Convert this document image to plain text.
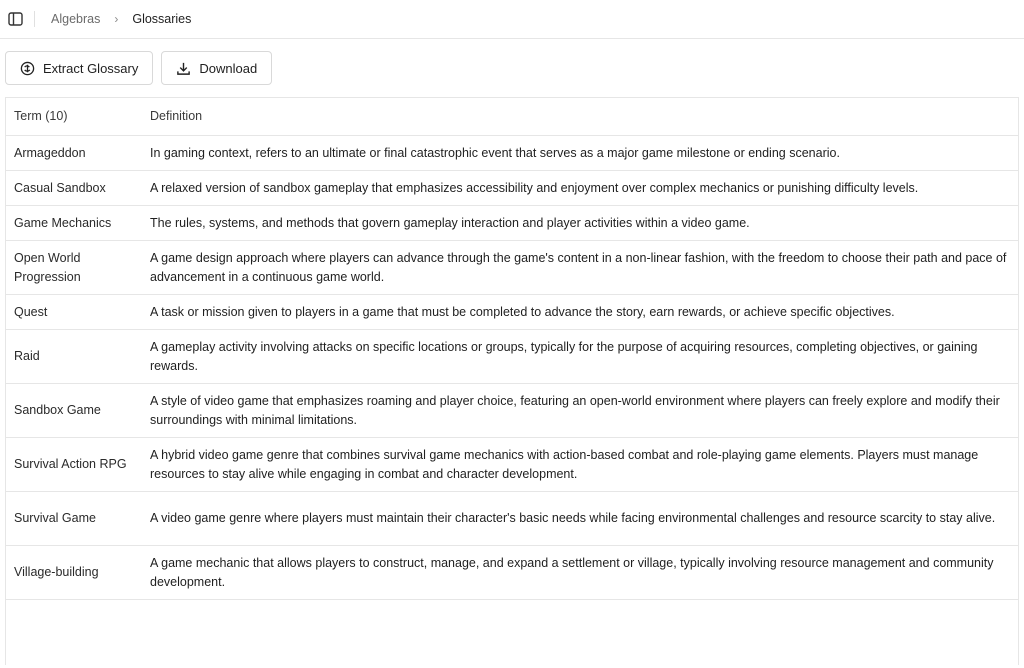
Algebras › Glossaries
Extract Glossary	Download
Term (10)	Definition
Armageddon	In gaming context, refers to an ultimate or final catastrophic event that serves as a major game milestone or ending scenario.
Casual Sandbox	A relaxed version of sandbox gameplay that emphasizes accessibility and enjoyment over complex mechanics or punishing difficulty levels.
Game Mechanics	The rules, systems, and methods that govern gameplay interaction and player activities within a video game.
Open World Progression	A game design approach where players can advance through the game's content in a non-linear fashion, with the freedom to choose their path and pace of advancement in a continuous game world.
Quest	A task or mission given to players in a game that must be completed to advance the story, earn rewards, or achieve specific objectives.
Raid	A gameplay activity involving attacks on specific locations or groups, typically for the purpose of acquiring resources, completing objectives, or gaining rewards.
Sandbox Game	A style of video game that emphasizes roaming and player choice, featuring an open-world environment where players can freely explore and modify their surroundings with minimal limitations.
Survival Action RPG	A hybrid video game genre that combines survival game mechanics with action-based combat and role-playing game elements. Players must manage resources to stay alive while engaging in combat and character development.
Survival Game	A video game genre where players must maintain their character's basic needs while facing environmental challenges and resource scarcity to stay alive.
Village-building	A game mechanic that allows players to construct, manage, and expand a settlement or village, typically involving resource management and community development.
